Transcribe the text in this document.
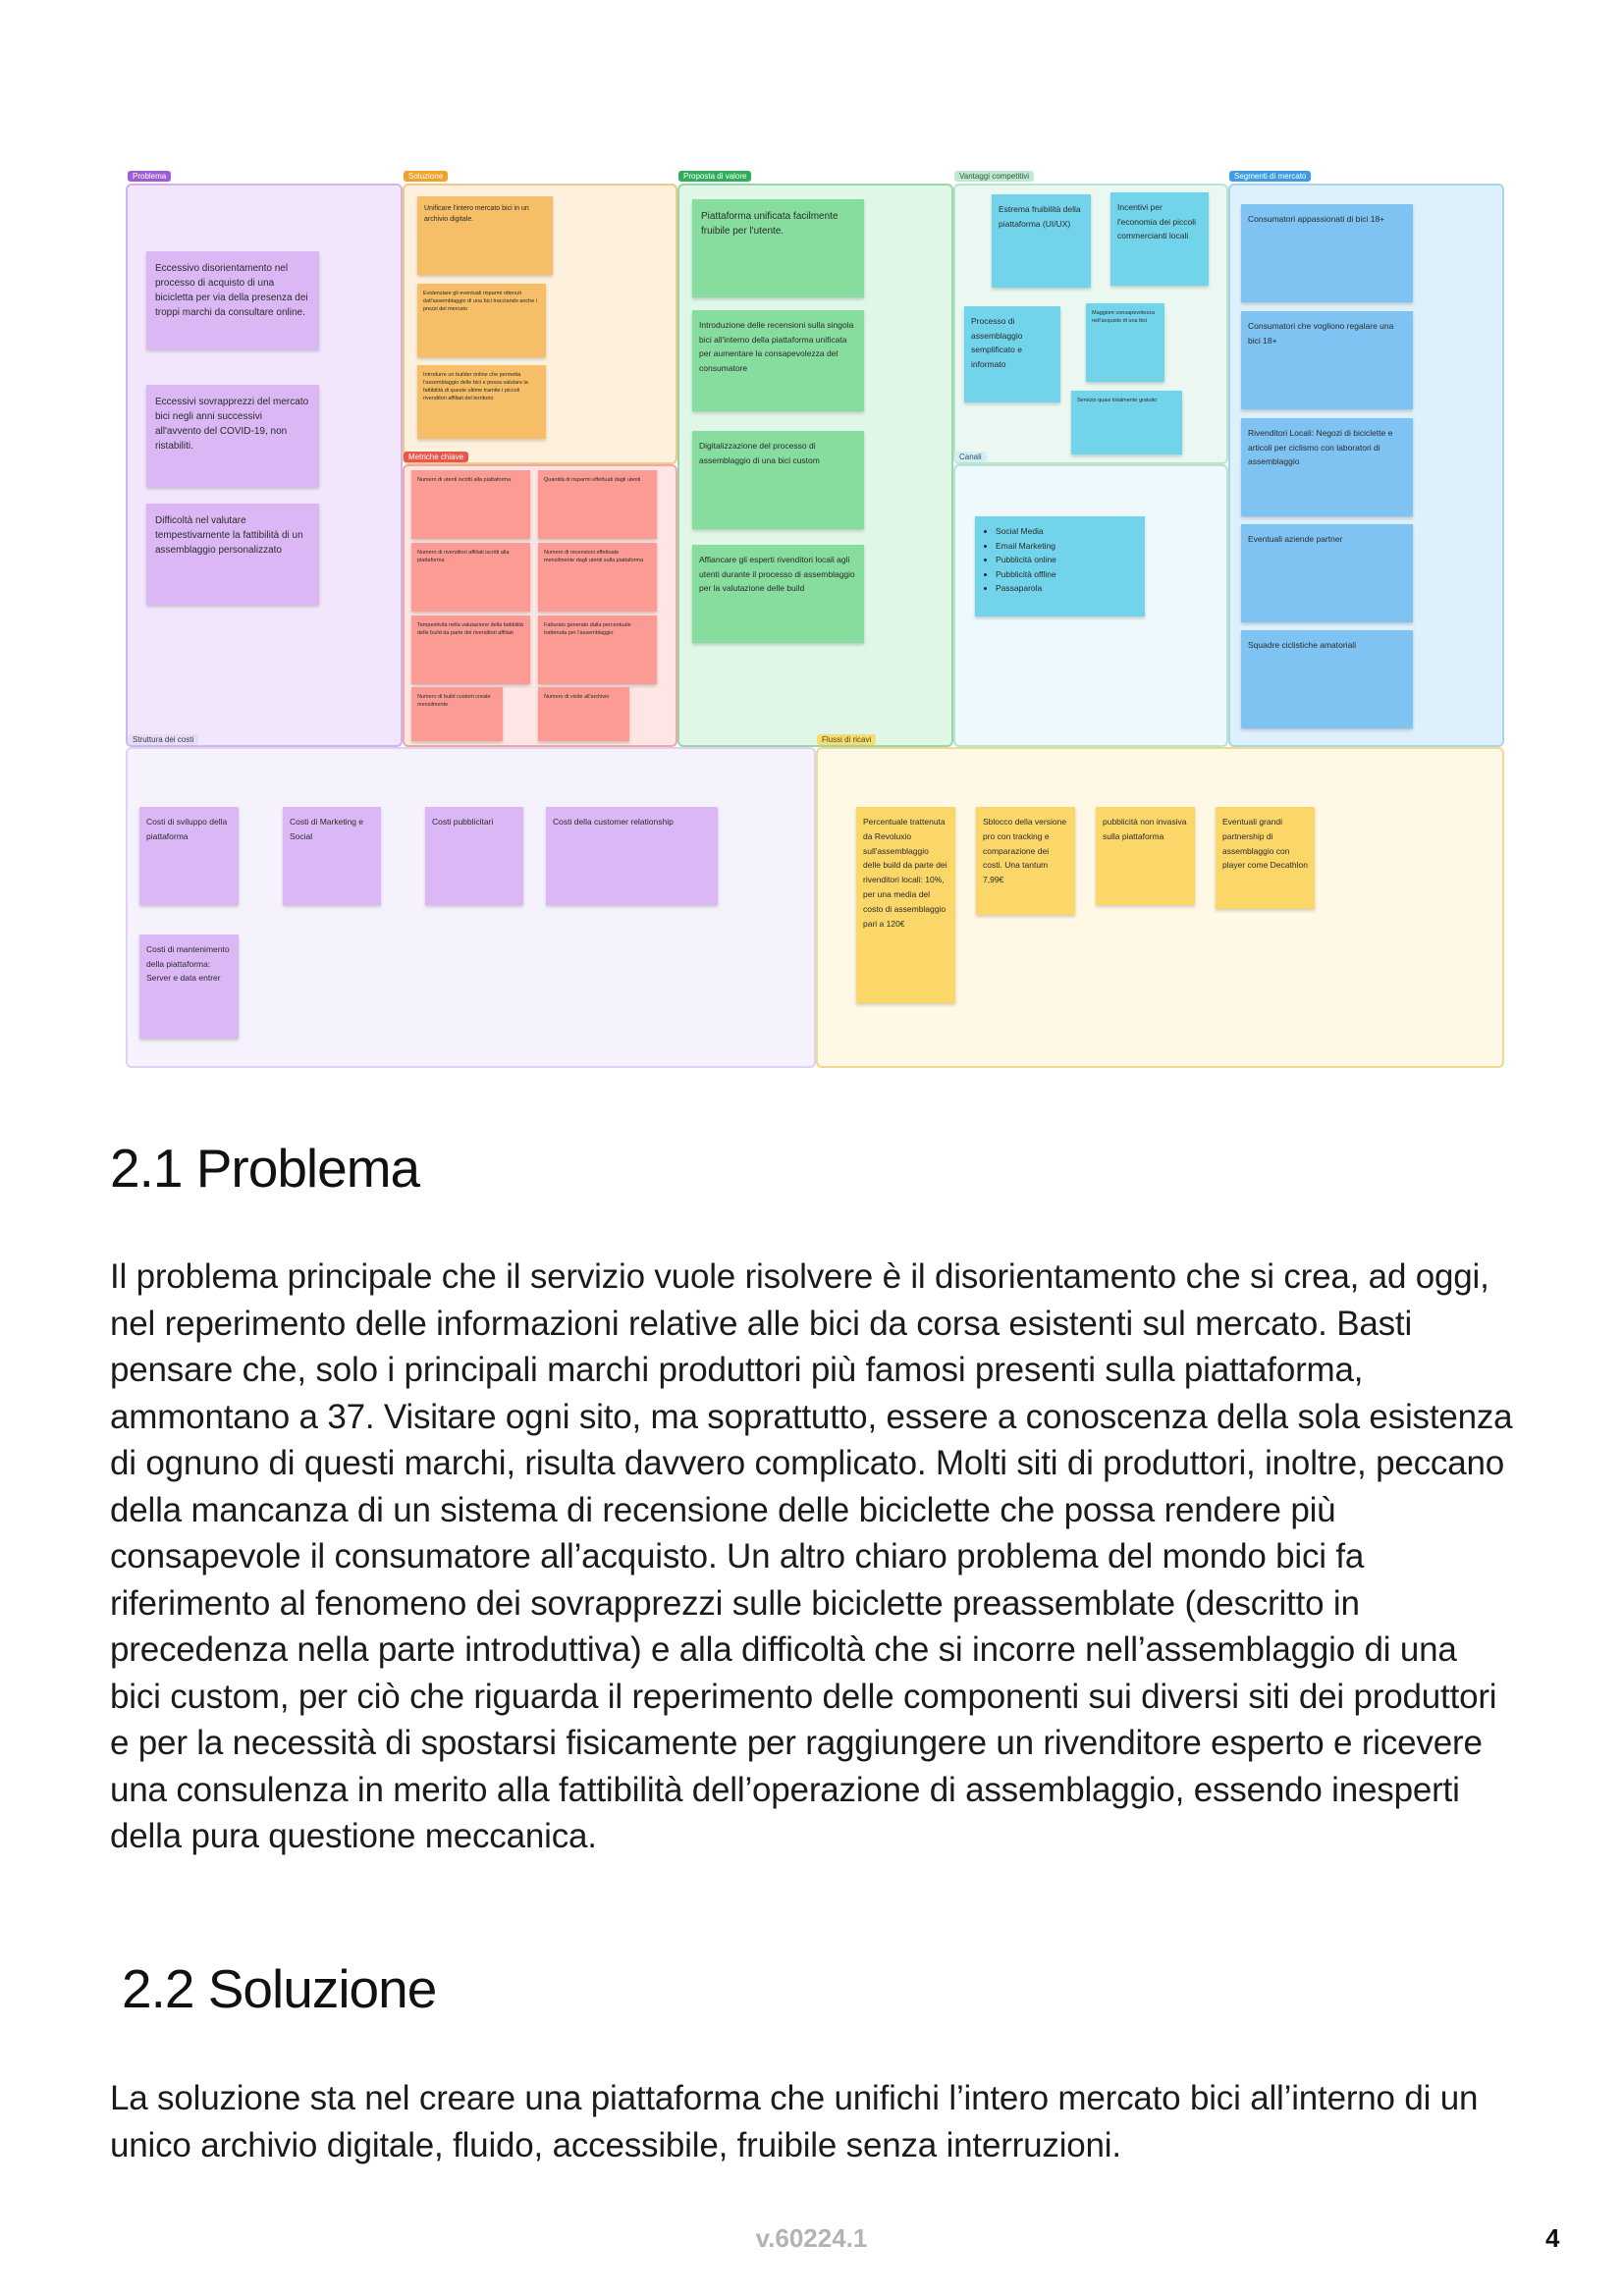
Problema	Soluzione	Proposta di valore	Vantaggi competitivi	Segmenti di mercato
Metriche chiave	Canali
Struttura dei costi	Flussi di ricavi
Eccessivo disorientamento nel processo di acquisto di una bicicletta per via della presenza dei troppi marchi da consultare online.
Eccessivi sovrapprezzi del mercato bici negli anni successivi all'avvento del COVID-19, non ristabiliti.
Difficoltà nel valutare tempestivamente la fattibilità di un assemblaggio personalizzato
Unificare l'intero mercato bici in un archivio digitale.
Evidenziare gli eventuali risparmi ottenuti dall'assemblaggio di una bici tracciando anche i prezzi del mercato
Introdurre un builder online che permetta l'assemblaggio delle bici e possa valutare la fattibilità di queste ultime tramite i piccoli rivenditori affiliati del territorio
Numero di utenti iscritti alla piattaforma	Quantità di risparmi effettuati dagli utenti
Numero di rivenditori affiliati iscritti alla piattaforma
Numero di recensioni effettuate mensilmente dagli utenti sulla piattaforma
Tempestività nella valutazione della fattibilità delle build da parte dei rivenditori affiliati
Fatturato generato dalla percentuale trattenuta per l'assemblaggio
Numero di build custom create mensilmente
Numero di visite all'archivio
Piattaforma unificata facilmente fruibile per l'utente.
Introduzione delle recensioni sulla singola bici all'interno della piattaforma unificata per aumentare la consapevolezza del consumatore
Digitalizzazione del processo di assemblaggio di una bici custom
Affiancare gli esperti rivenditori locali agli utenti durante il processo di assemblaggio per la valutazione delle build
Estrema fruibilità della piattaforma (UI/UX)
Incentivi per l'economia dei piccoli commercianti locali
Processo di assemblaggio semplificato e informato
Maggiore consapevolezza nell'acquisto di una bici
Servizio quasi totalmente gratuito
• Social Media
• Email Marketing
• Pubblicità online
• Pubblicità offline
• Passaparola
Consumatori appassionati di bici 18+
Consumatori che vogliono regalare una bici 18+
Rivenditori Locali: Negozi di biciclette e articoli per ciclismo con laboratori di assemblaggio
Eventuali aziende partner
Squadre ciclistiche amatoriali
Costi di sviluppo della piattaforma
Costi di Marketing e Social
Costi pubblicitari	Costi della customer relationship
Costi di mantenimento della piattaforma: Server e data entrer
Percentuale trattenuta da Revoluxio sull'assemblaggio delle build da parte dei rivenditori locali: 10%, per una media del costo di assemblaggio pari a 120€
Sblocco della versione pro con tracking e comparazione dei costi. Una tantum 7,99€
pubblicità non invasiva sulla piattaforma
Eventuali grandi partnership di assemblaggio con player come Decathlon
2.1 Problema

Il problema principale che il servizio vuole risolvere è il disorientamento che si crea, ad oggi, nel reperimento delle informazioni relative alle bici da corsa esistenti sul mercato. Basti pensare che, solo i principali marchi produttori più famosi presenti sulla piattaforma, ammontano a 37. Visitare ogni sito, ma soprattutto, essere a conoscenza della sola esistenza di ognuno di questi marchi, risulta davvero complicato. Molti siti di produttori, inoltre, peccano della mancanza di un sistema di recensione delle biciclette che possa rendere più consapevole il consumatore all’acquisto. Un altro chiaro problema del mondo bici fa riferimento al fenomeno dei sovrapprezzi sulle biciclette preassemblate (descritto in precedenza nella parte introduttiva) e alla difficoltà che si incorre nell’assemblaggio di una bici custom, per ciò che riguarda il reperimento delle componenti sui diversi siti dei produttori e per la necessità di spostarsi fisicamente per raggiungere un rivenditore esperto e ricevere una consulenza in merito alla fattibilità dell’operazione di assemblaggio, essendo inesperti della pura questione meccanica.

2.2 Soluzione

La soluzione sta nel creare una piattaforma che unifichi l’intero mercato bici all’interno di un unico archivio digitale, fluido, accessibile, fruibile senza interruzioni.

v.60224.1	4
